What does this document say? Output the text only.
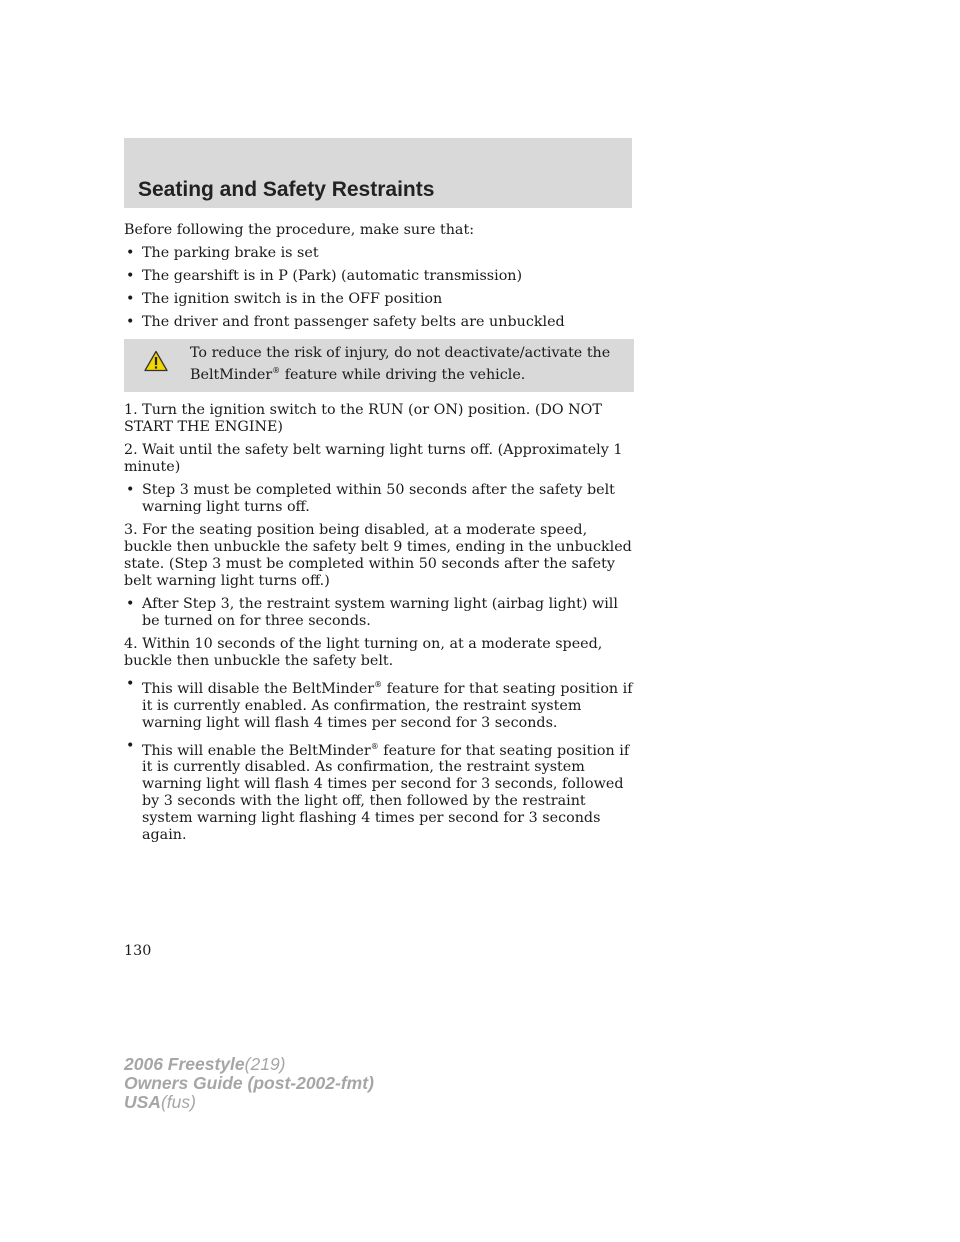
Seating and Safety Restraints

Before following the procedure, make sure that:

• The parking brake is set
• The gearshift is in P (Park) (automatic transmission)
• The ignition switch is in the OFF position
• The driver and front passenger safety belts are unbuckled
To reduce the risk of injury, do not deactivate/activate the BeltMinder® feature while driving the vehicle.

1. Turn the ignition switch to the RUN (or ON) position. (DO NOT START THE ENGINE)

2. Wait until the safety belt warning light turns off. (Approximately 1 minute)

• Step 3 must be completed within 50 seconds after the safety belt warning light turns off.

3. For the seating position being disabled, at a moderate speed, buckle then unbuckle the safety belt 9 times, ending in the unbuckled state. (Step 3 must be completed within 50 seconds after the safety belt warning light turns off.)

• After Step 3, the restraint system warning light (airbag light) will be turned on for three seconds.

4. Within 10 seconds of the light turning on, at a moderate speed, buckle then unbuckle the safety belt.

• This will disable the BeltMinder® feature for that seating position if it is currently enabled. As confirmation, the restraint system warning light will flash 4 times per second for 3 seconds.
• This will enable the BeltMinder® feature for that seating position if it is currently disabled. As confirmation, the restraint system warning light will flash 4 times per second for 3 seconds, followed by 3 seconds with the light off, then followed by the restraint system warning light flashing 4 times per second for 3 seconds again.
130
2006 Freestyle(219)
Owners Guide (post-2002-fmt)
USA(fus)
